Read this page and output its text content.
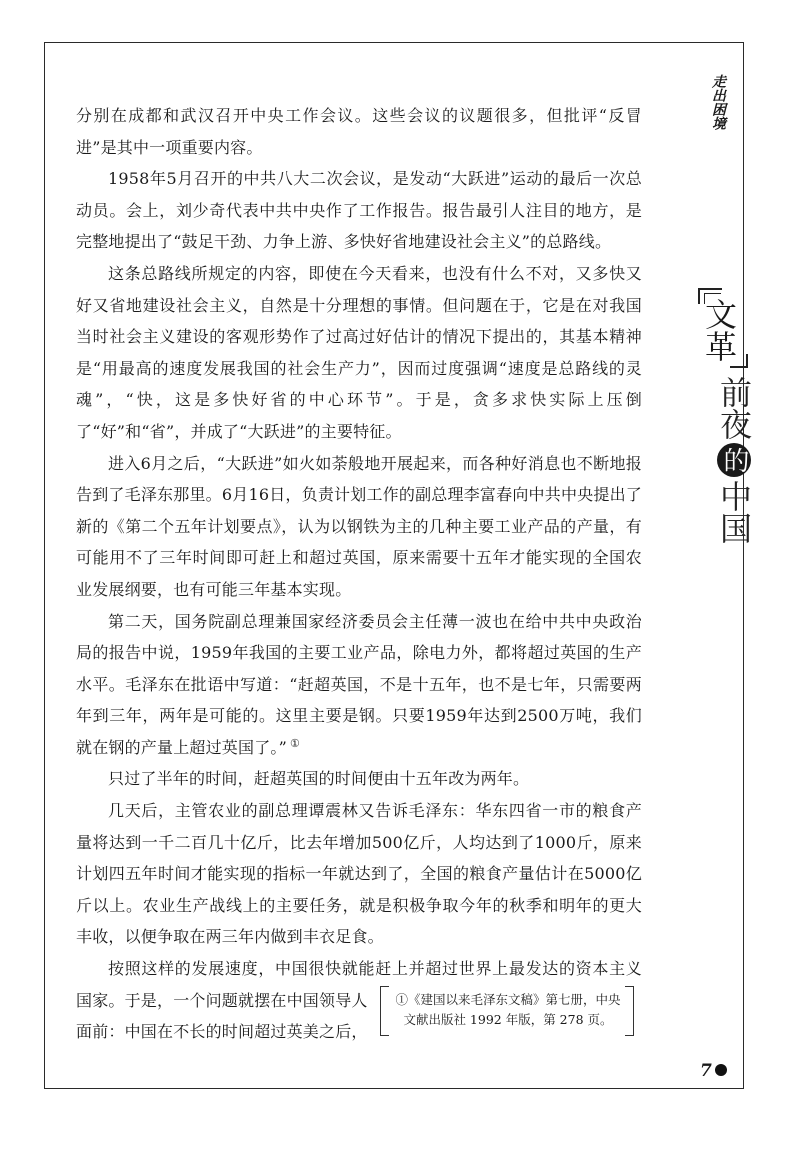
分别在成都和武汉召开中央工作会议。这些会议的议题很多，但批评“反冒进”是其中一项重要内容。

1958年5月召开的中共八大二次会议，是发动“大跃进”运动的最后一次总动员。会上，刘少奇代表中共中央作了工作报告。报告最引人注目的地方，是完整地提出了“鼓足干劲、力争上游、多快好省地建设社会主义”的总路线。

这条总路线所规定的内容，即使在今天看来，也没有什么不对，又多快又好又省地建设社会主义，自然是十分理想的事情。但问题在于，它是在对我国当时社会主义建设的客观形势作了过高过好估计的情况下提出的，其基本精神是“用最高的速度发展我国的社会生产力”，因而过度强调“速度是总路线的灵魂”，“快，这是多快好省的中心环节”。于是，贪多求快实际上压倒了“好”和“省”，并成了“大跃进”的主要特征。

进入6月之后，“大跃进”如火如荼般地开展起来，而各种好消息也不断地报告到了毛泽东那里。6月16日，负责计划工作的副总理李富春向中共中央提出了新的《第二个五年计划要点》，认为以钢铁为主的几种主要工业产品的产量，有可能用不了三年时间即可赶上和超过英国，原来需要十五年才能实现的全国农业发展纲要，也有可能三年基本实现。

第二天，国务院副总理兼国家经济委员会主任薄一波也在给中共中央政治局的报告中说，1959年我国的主要工业产品，除电力外，都将超过英国的生产水平。毛泽东在批语中写道：“赶超英国，不是十五年，也不是七年，只需要两年到三年，两年是可能的。这里主要是钢。只要1959年达到2500万吨，我们就在钢的产量上超过英国了。” ①

只过了半年的时间，赶超英国的时间便由十五年改为两年。

几天后，主管农业的副总理谭震林又告诉毛泽东：华东四省一市的粮食产量将达到一千二百几十亿斤，比去年增加500亿斤，人均达到了1000斤，原来计划四五年时间才能实现的指标一年就达到了，全国的粮食产量估计在5000亿斤以上。农业生产战线上的主要任务，就是积极争取今年的秋季和明年的更大丰收，以便争取在两三年内做到丰衣足食。

按照这样的发展速度，中国很快就能赶上并超过世界上最发达的资本主义国家。于是，一个问题就摆在中国领导人

面前：中国在不长的时间超过英美之后，

①《建国以来毛泽东文稿》第七册，中央文献出版社 1992 年版，第 278 页。
走出困境
文革
前夜的中国
7
